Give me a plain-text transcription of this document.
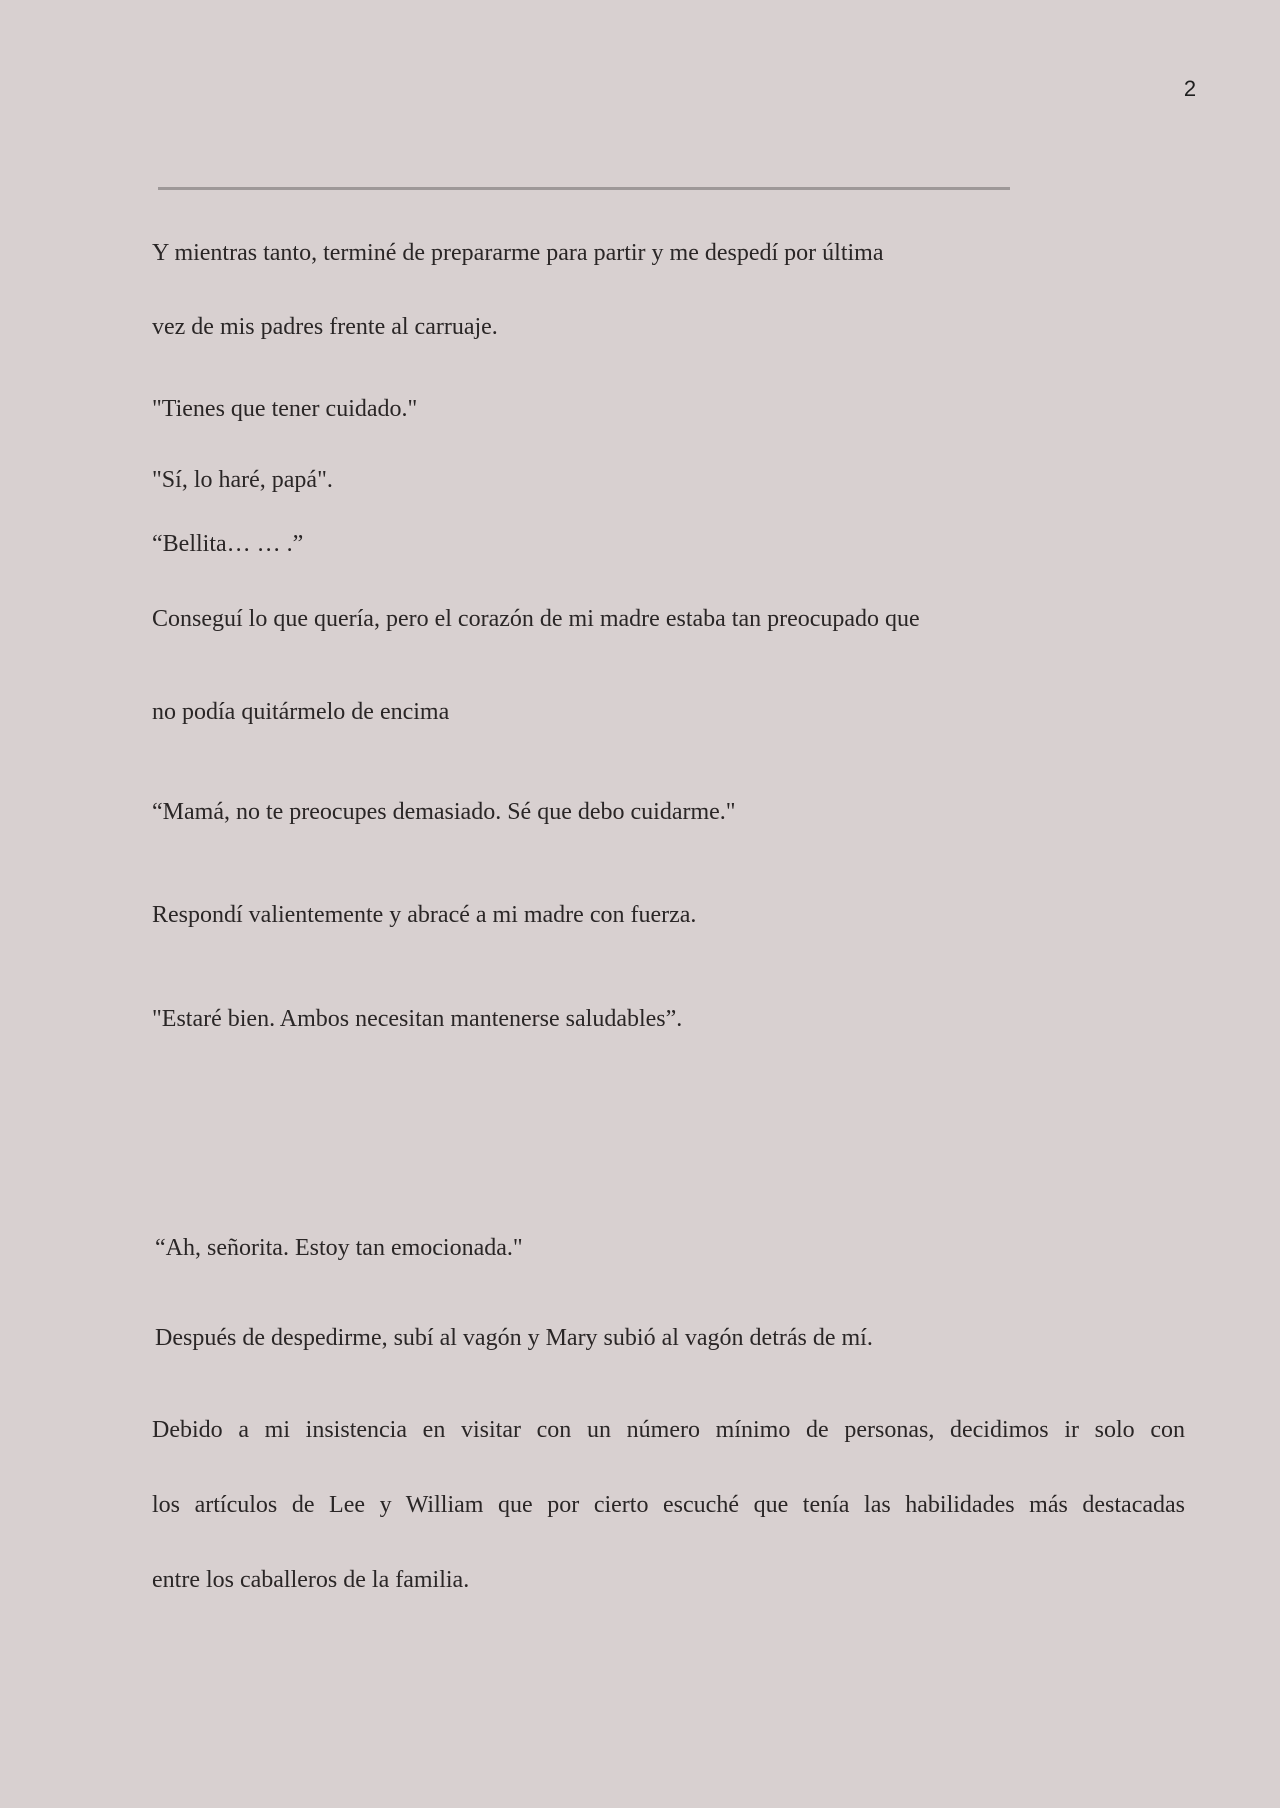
2

Y mientras tanto, terminé de prepararme para partir y me despedí por última

vez de mis padres frente al carruaje.

"Tienes que tener cuidado."

"Sí, lo haré, papá".

“Bellita… … .”

Conseguí lo que quería, pero el corazón de mi madre estaba tan preocupado que

no podía quitármelo de encima

“Mamá, no te preocupes demasiado. Sé que debo cuidarme."

Respondí valientemente y abracé a mi madre con fuerza.

"Estaré bien. Ambos necesitan mantenerse saludables”.

“Ah, señorita. Estoy tan emocionada."

Después de despedirme, subí al vagón y Mary subió al vagón detrás de mí.

Debido a mi insistencia en visitar con un número mínimo de personas, decidimos ir solo con

los artículos de Lee y William que por cierto escuché que tenía las habilidades más destacadas

entre los caballeros de la familia.
